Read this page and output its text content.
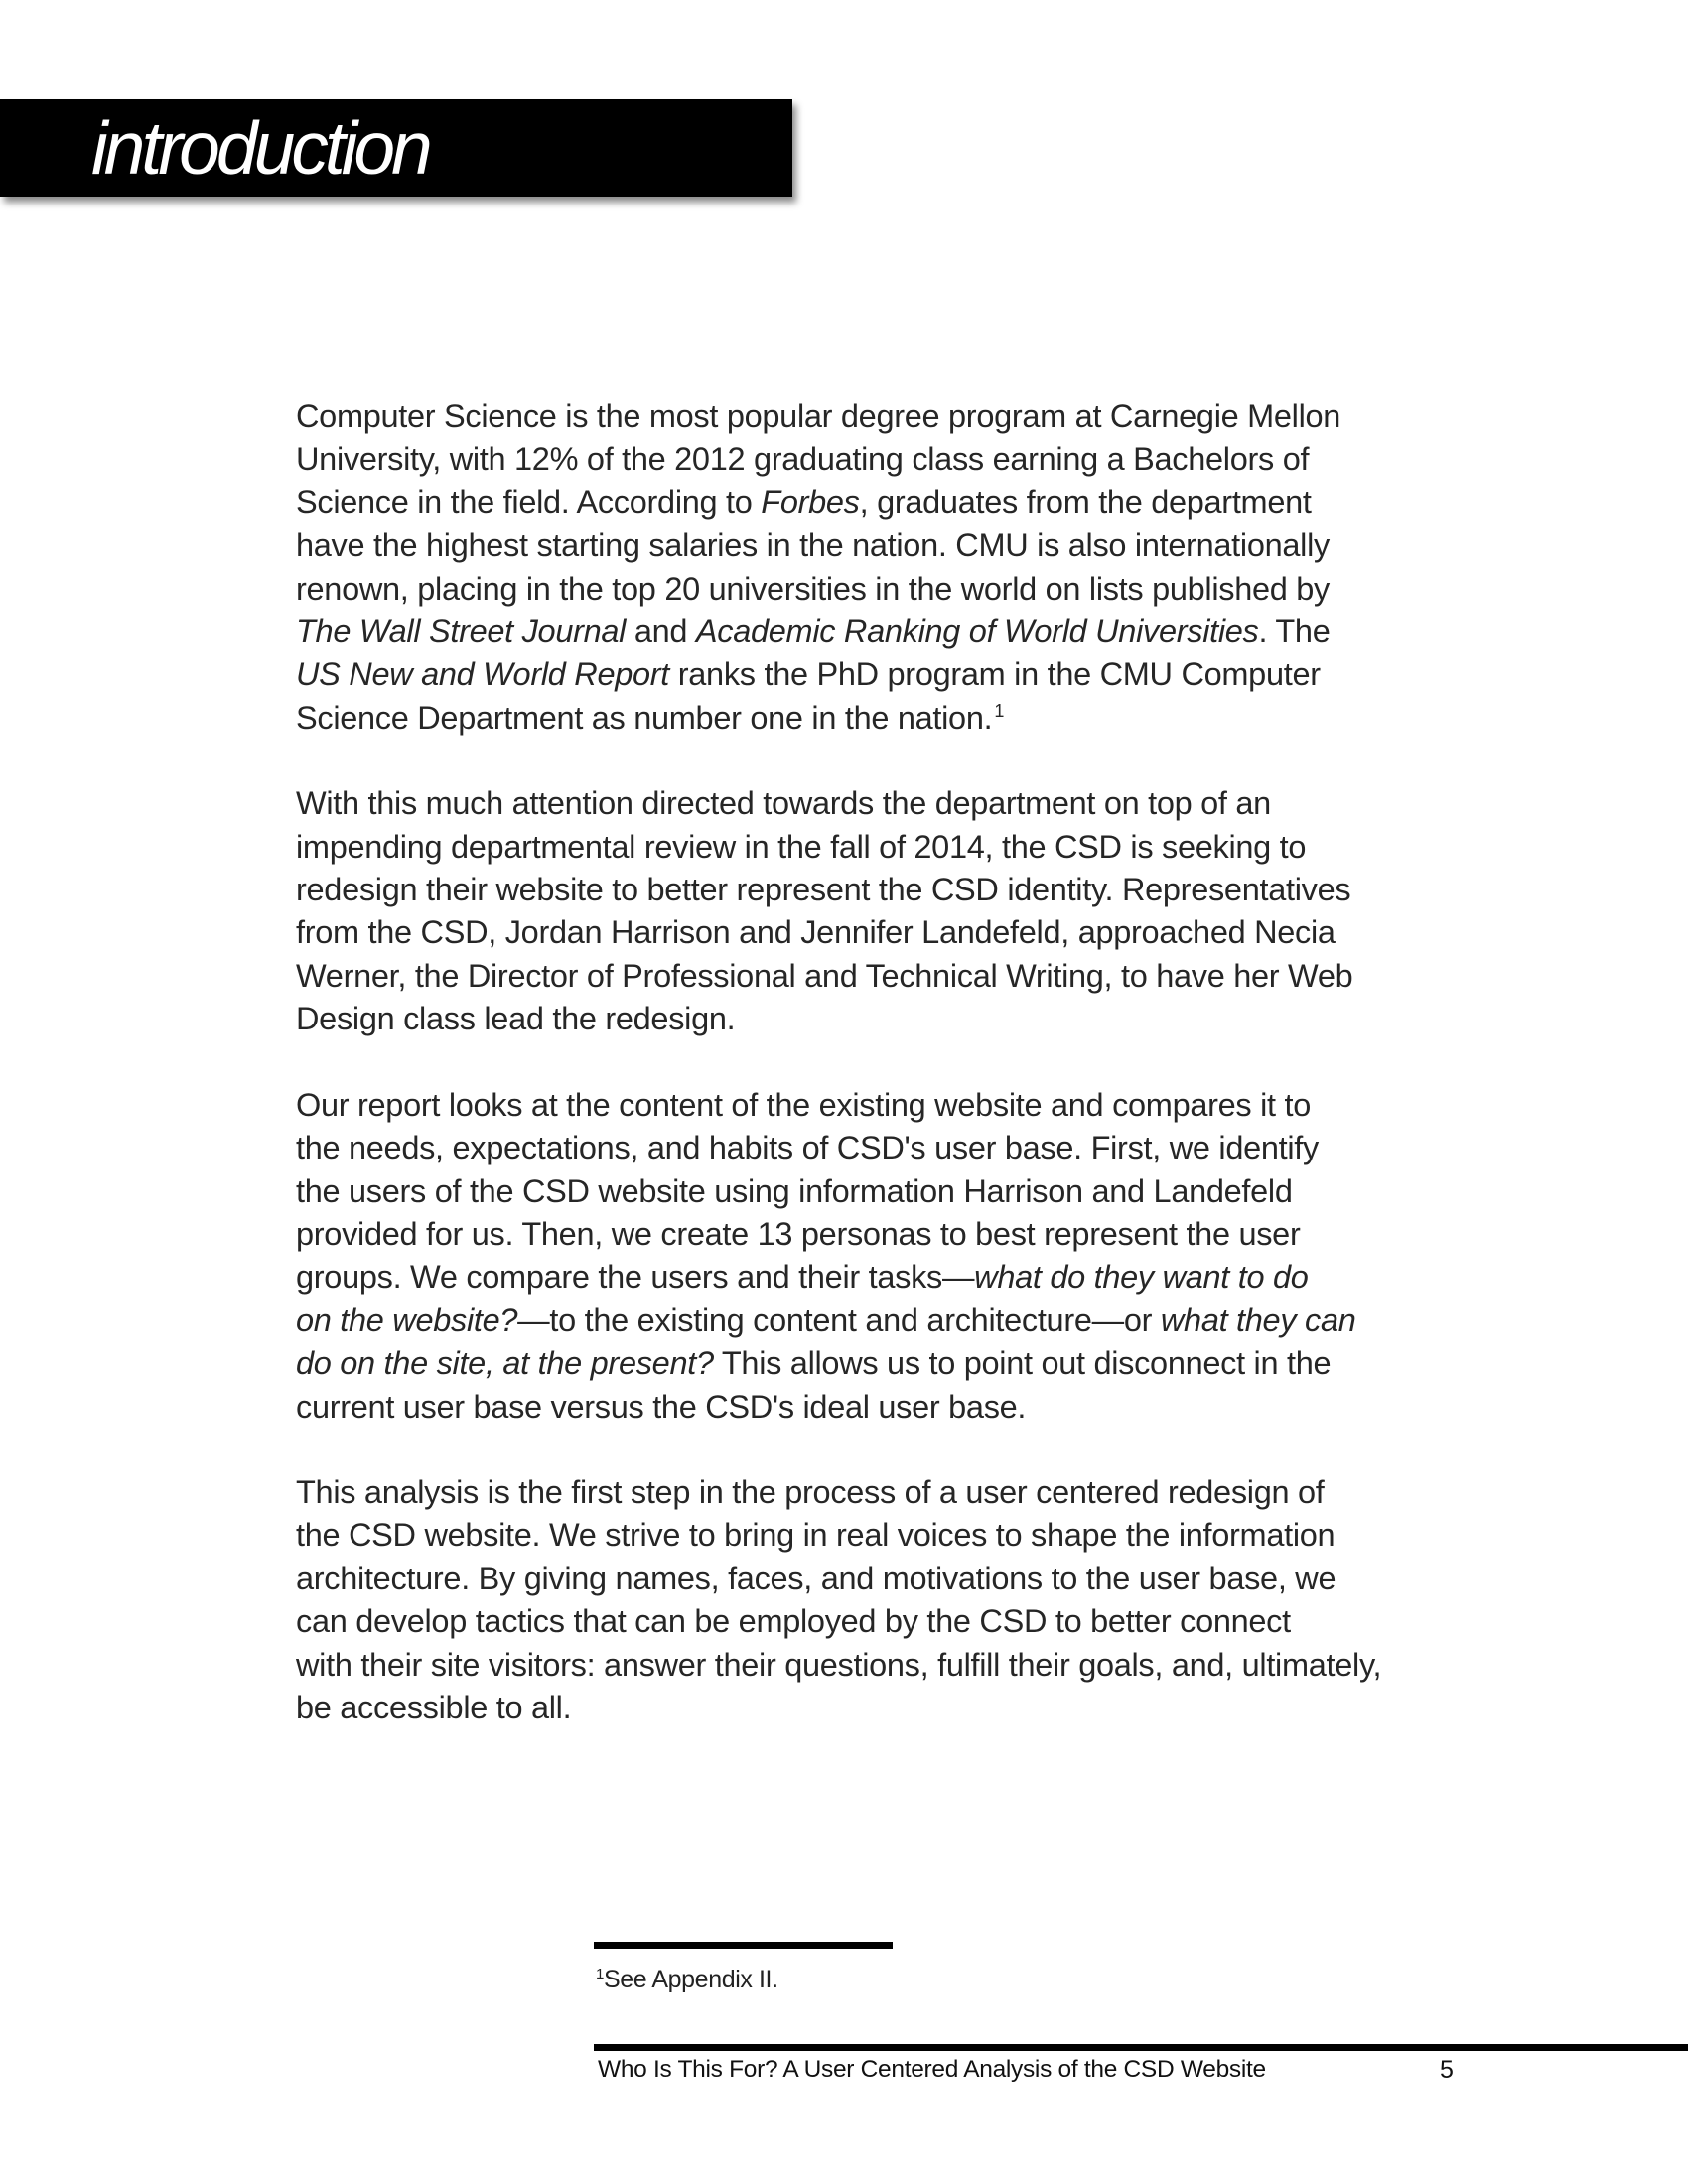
introduction

Computer Science is the most popular degree program at Carnegie Mellon
University, with 12% of the 2012 graduating class earning a Bachelors of
Science in the field. According to Forbes, graduates from the department
have the highest starting salaries in the nation. CMU is also internationally
renown, placing in the top 20 universities in the world on lists published by
The Wall Street Journal and Academic Ranking of World Universities. The
US New and World Report ranks the PhD program in the CMU Computer
Science Department as number one in the nation. $^1$

With this much attention directed towards the department on top of an
impending departmental review in the fall of 2014, the CSD is seeking to
redesign their website to better represent the CSD identity. Representatives
from the CSD, Jordan Harrison and Jennifer Landefeld, approached Necia
Werner, the Director of Professional and Technical Writing, to have her Web
Design class lead the redesign.

Our report looks at the content of the existing website and compares it to
the needs, expectations, and habits of CSD's user base. First, we identify
the users of the CSD website using information Harrison and Landefeld
provided for us. Then, we create 13 personas to best represent the user
groups. We compare the users and their tasks—what do they want to do
on the website?—to the existing content and architecture—or what they can
do on the site, at the present? This allows us to point out disconnect in the
current user base versus the CSD's ideal user base.

This analysis is the first step in the process of a user centered redesign of
the CSD website. We strive to bring in real voices to shape the information
architecture. By giving names, faces, and motivations to the user base, we
can develop tactics that can be employed by the CSD to better connect
with their site visitors: answer their questions, fulfill their goals, and, ultimately,
be accessible to all.

$^1$See Appendix II.
Who Is This For? A User Centered Analysis of the CSD Website	5
